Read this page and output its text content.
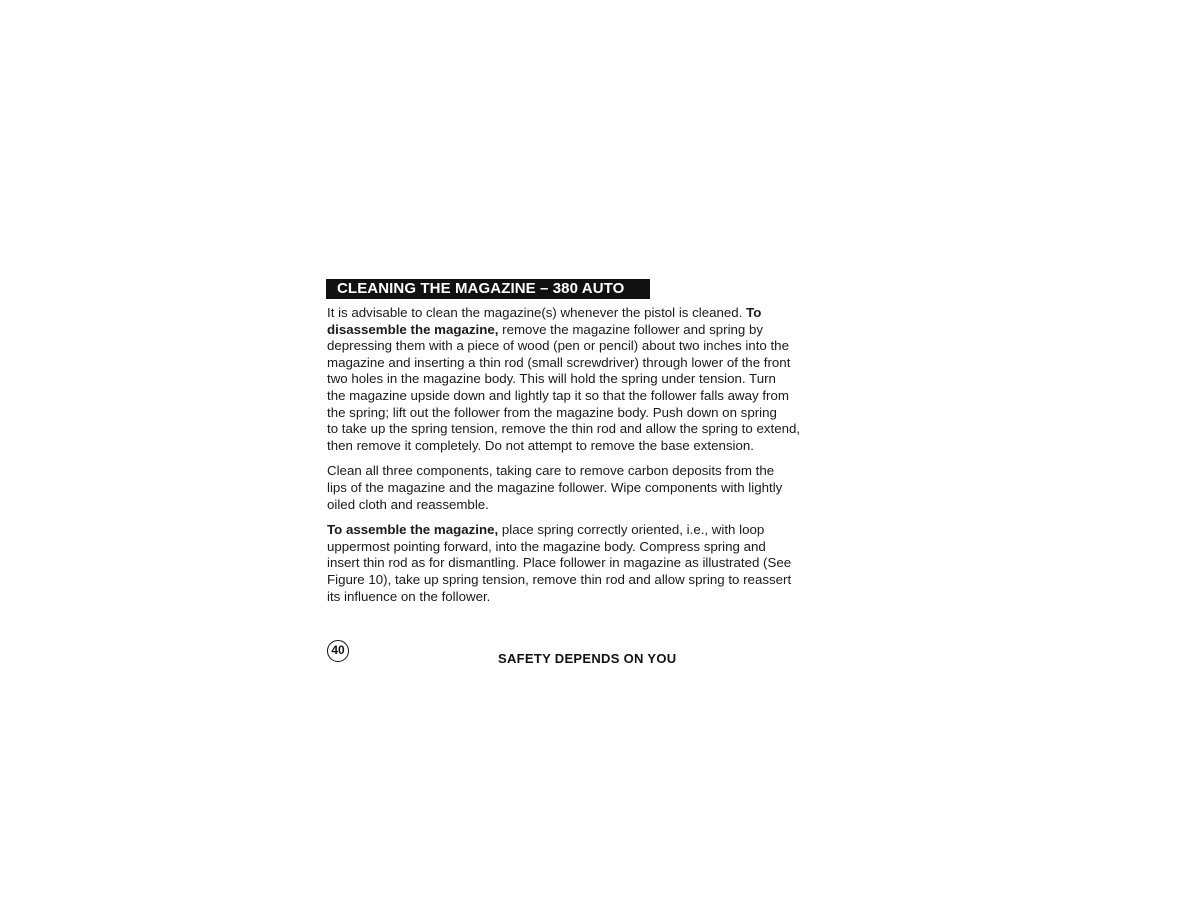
CLEANING THE MAGAZINE – 380 AUTO
It is advisable to clean the magazine(s) whenever the pistol is cleaned. To
disassemble the magazine, remove the magazine follower and spring by
depressing them with a piece of wood (pen or pencil) about two inches into the
magazine and inserting a thin rod (small screwdriver) through lower of the front
two holes in the magazine body. This will hold the spring under tension. Turn
the magazine upside down and lightly tap it so that the follower falls away from
the spring; lift out the follower from the magazine body. Push down on spring
to take up the spring tension, remove the thin rod and allow the spring to extend,
then remove it completely. Do not attempt to remove the base extension.
Clean all three components, taking care to remove carbon deposits from the
lips of the magazine and the magazine follower. Wipe components with lightly
oiled cloth and reassemble.
To assemble the magazine, place spring correctly oriented, i.e., with loop
uppermost pointing forward, into the magazine body. Compress spring and
insert thin rod as for dismantling. Place follower in magazine as illustrated (See
Figure 10), take up spring tension, remove thin rod and allow spring to reassert
its influence on the follower.
40
SAFETY DEPENDS ON YOU
